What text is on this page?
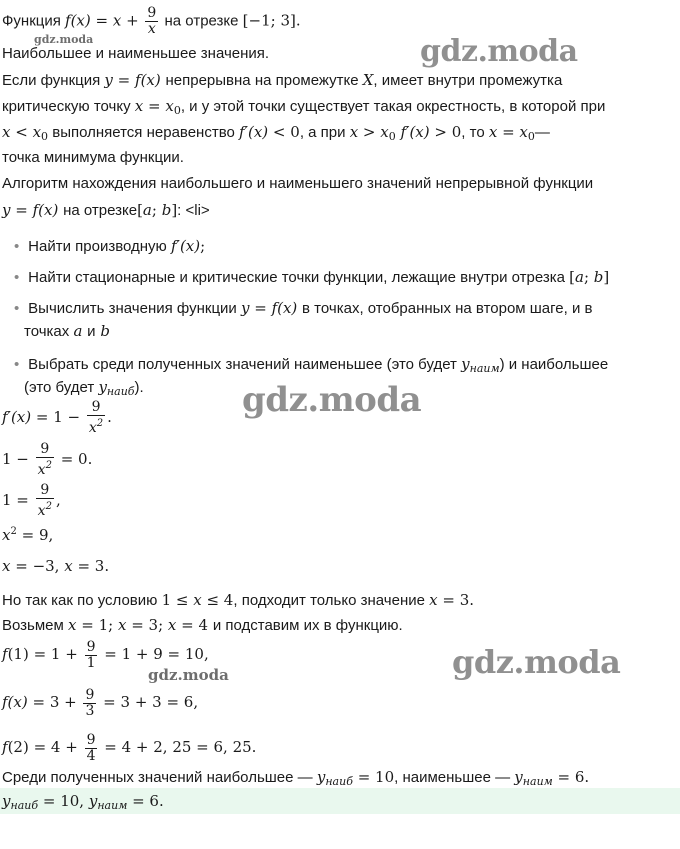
Функция $f(x) = x + \frac{9}{x}$ на отрезке [−1; 3].
gdz.moda
Наибольшее и наименьшее значения.	gdz.moda
Если функция y = f(x) непрерывна на промежутке X, имеет внутри промежутка
критическую точку $x = x_0$, и у этой точки существует такая окрестность, в которой при
$x < x_0$ выполняется неравенство f′(x) < 0, а при $x > x_0$ f′(x) > 0, то $x = x_0—$
точка минимума функции.
Алгоритм нахождения наибольшего и наименьшего значений непрерывной функции
y = f(x) на отрезке[a; b]: <li>
• Найти производную f′(x);
• Найти стационарные и критические точки функции, лежащие внутри отрезка [a; b]
• Вычислить значения функции y = f(x) в точках, отобранных на втором шаге, и в
точках a и b
• Выбрать среди полученных значений наименьшее (это будет $y_{наим}$) и наибольшее
(это будет $y_{наиб}$).	gdz.moda
$f'(x) = 1 - \frac{9}{x^2}$ .
$1 - \frac{9}{x^2} = 0$.
$1 = \frac{9}{x^2}$ ,
$x^2 = 9$,
x = −3, x = 3.
Но так как по условию 1 ≤ x ≤ 4, подходит только значение x = 3.
Возьмем x = 1; x = 3; x = 4 и подставим их в функцию.
$f(1) = 1 + \frac{9}{1} = 1 + 9 = 10$,
gdz.moda	gdz.moda
$f(x) = 3 + \frac{9}{3} = 3 + 3 = 6$,
$f(2) = 4 + \frac{9}{4} = 4 + 2$, 25 = 6, 25.
Среди полученных значений наибольшее — $y_{наиб} = 10$, наименьшее — $y_{наим} = 6$.
$y_{наиб} = 10$, $y_{наим} = 6$.
